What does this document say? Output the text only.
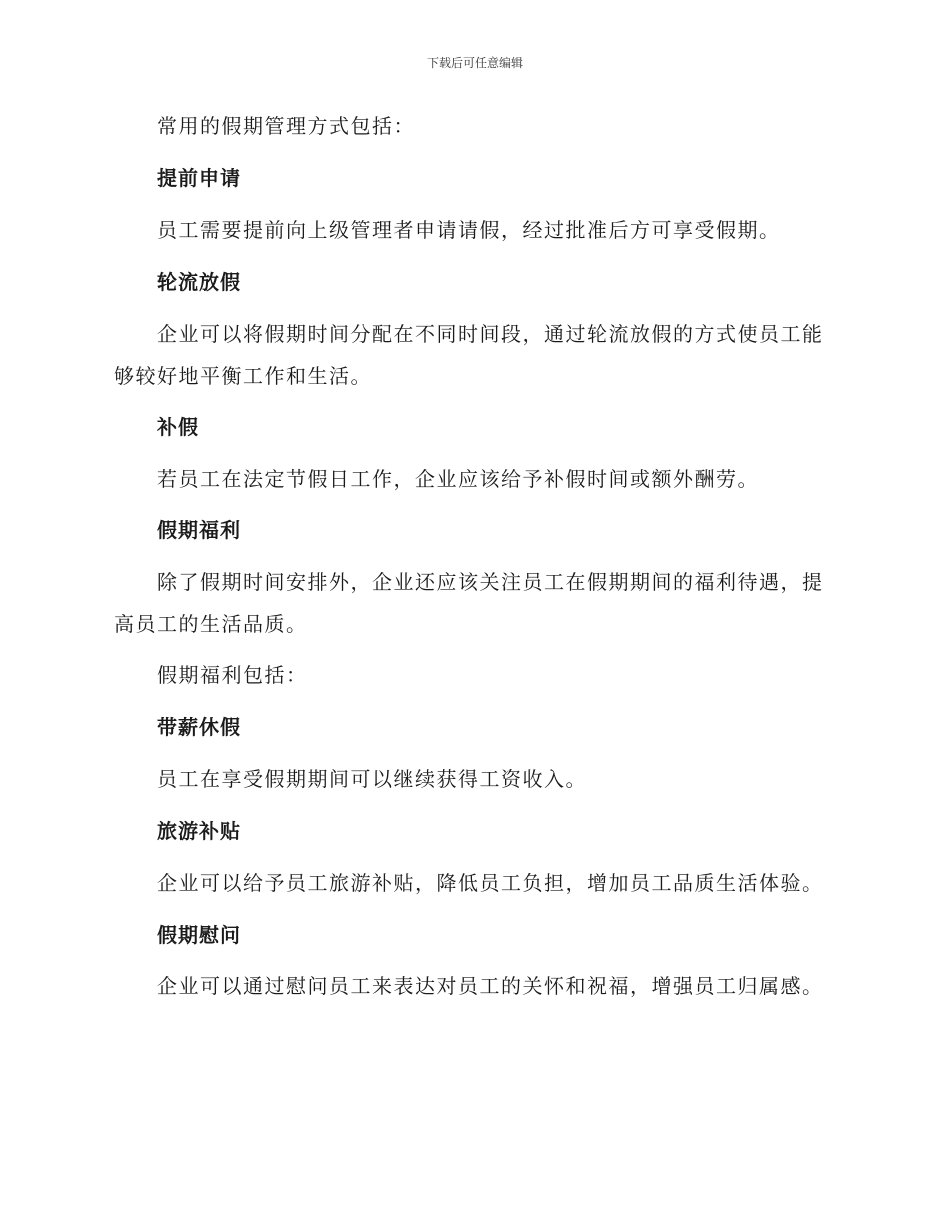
下载后可任意编辑

常用的假期管理方式包括：

提前申请

员工需要提前向上级管理者申请请假，经过批准后方可享受假期。

轮流放假

企业可以将假期时间分配在不同时间段，通过轮流放假的方式使员工能够较好地平衡工作和生活。

补假

若员工在法定节假日工作，企业应该给予补假时间或额外酬劳。

假期福利

除了假期时间安排外，企业还应该关注员工在假期期间的福利待遇，提高员工的生活品质。

假期福利包括：

带薪休假

员工在享受假期期间可以继续获得工资收入。

旅游补贴

企业可以给予员工旅游补贴，降低员工负担，增加员工品质生活体验。

假期慰问

企业可以通过慰问员工来表达对员工的关怀和祝福，增强员工归属感。
